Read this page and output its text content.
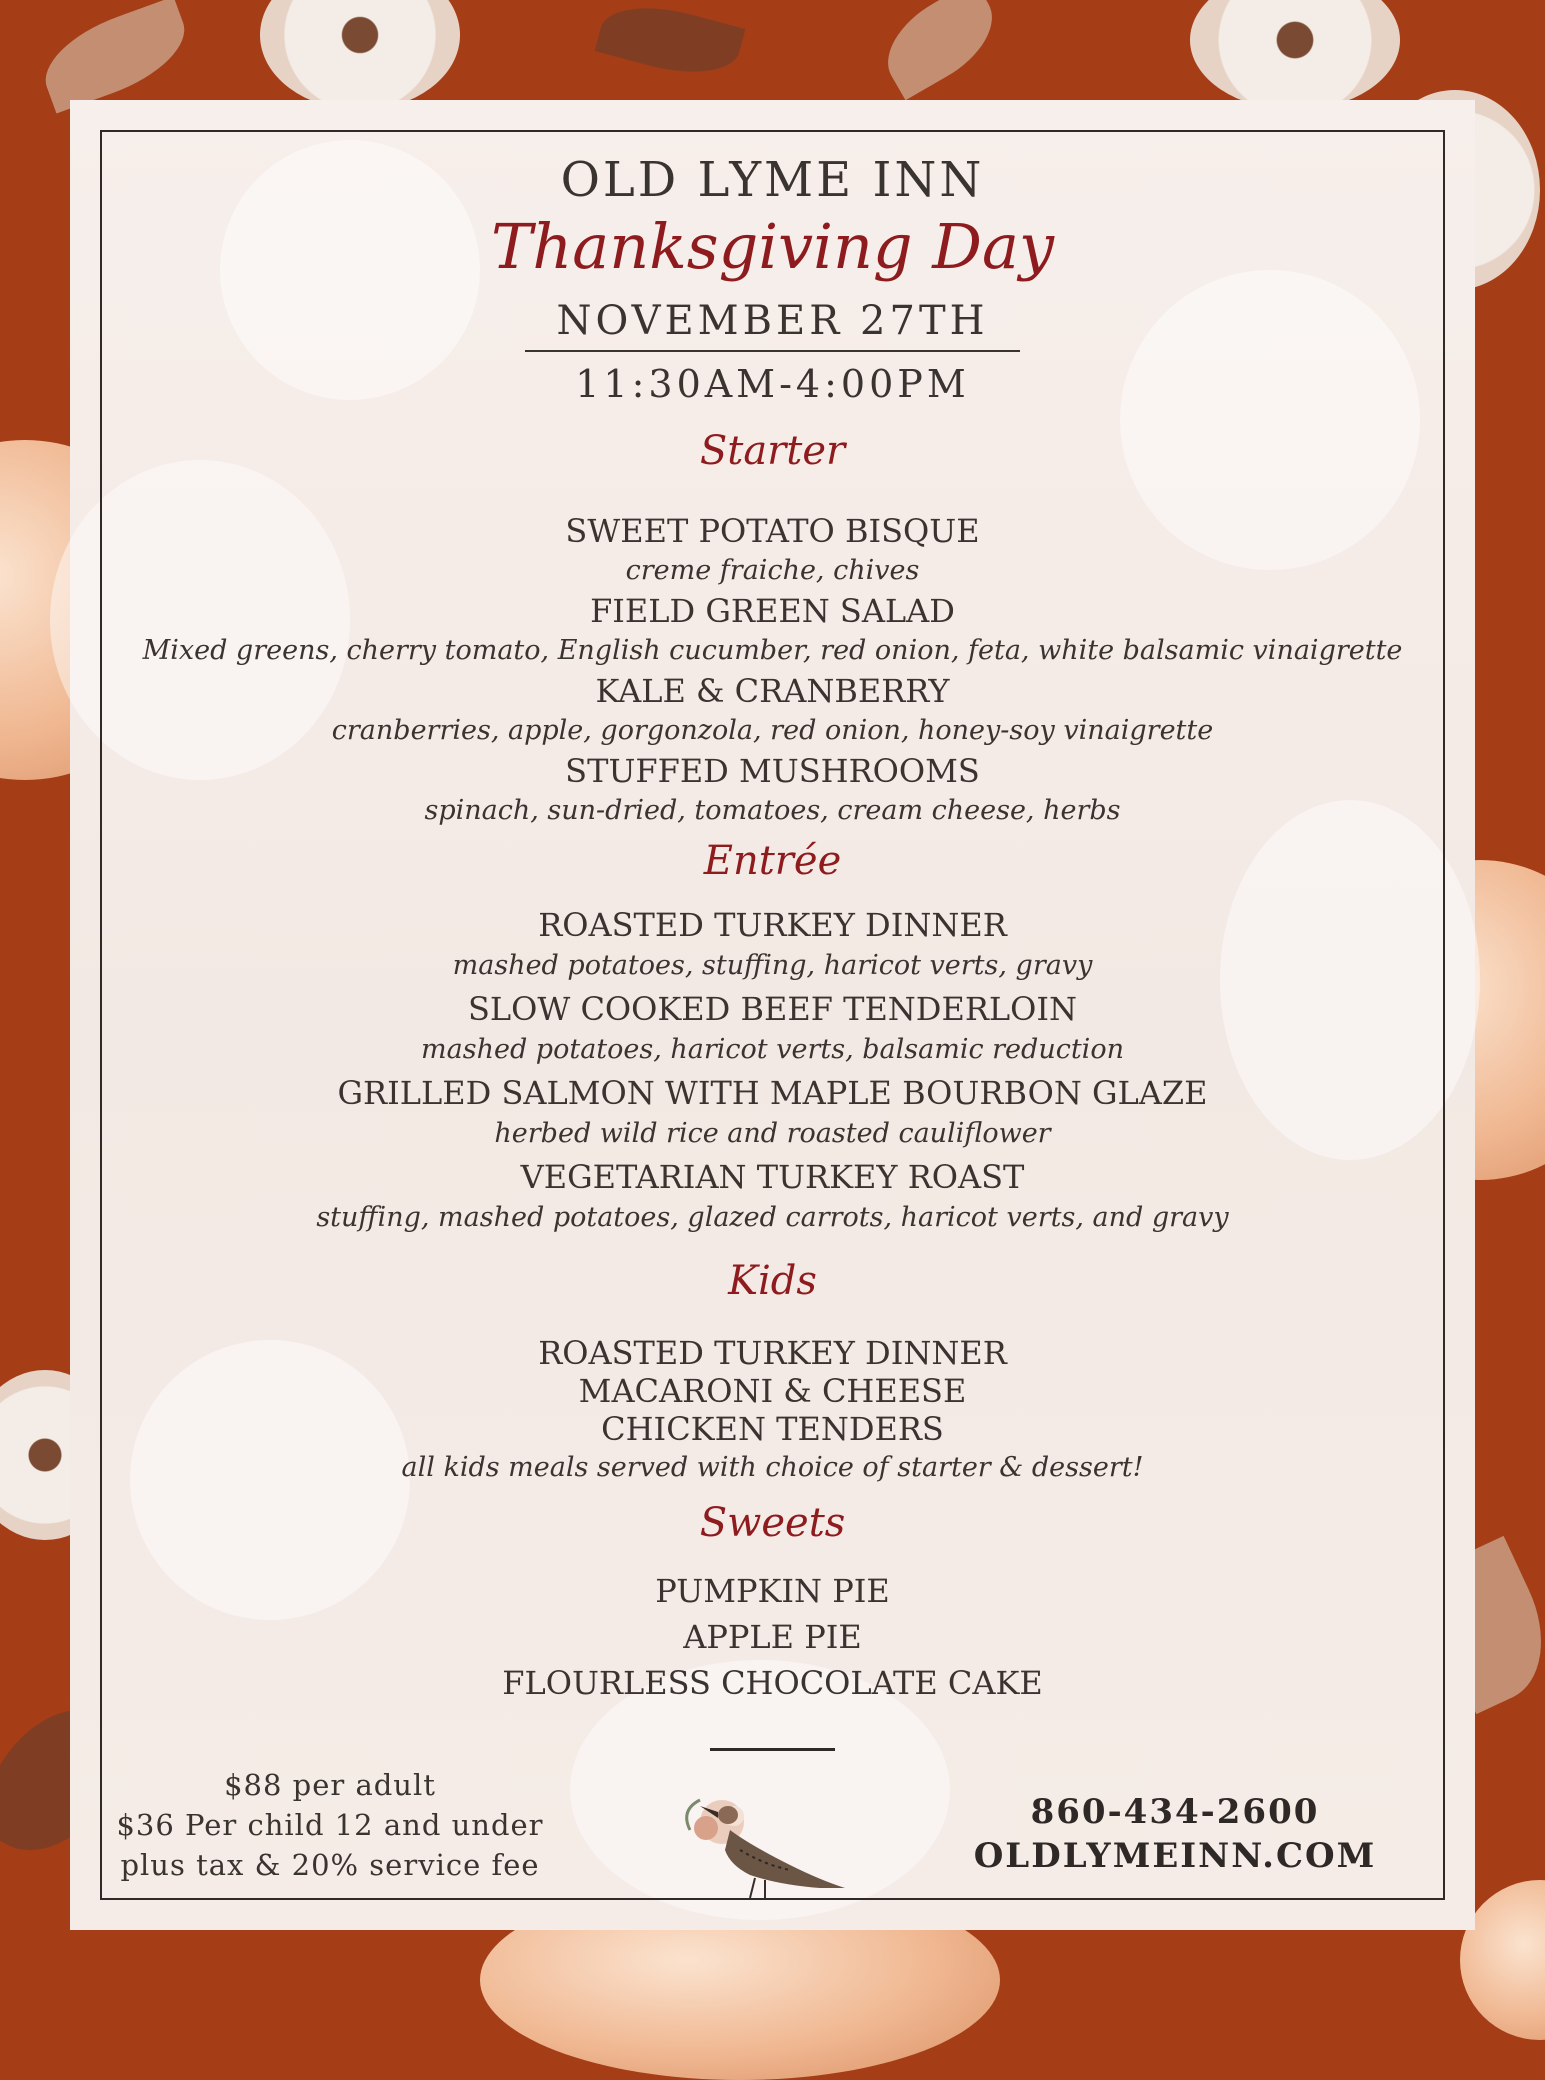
OLD LYME INN
Thanksgiving Day
NOVEMBER 27TH
11:30AM-4:00PM
Starter
SWEET POTATO BISQUE
creme fraiche, chives
FIELD GREEN SALAD
Mixed greens, cherry tomato, English cucumber, red onion, feta, white balsamic vinaigrette
KALE & CRANBERRY
cranberries, apple, gorgonzola, red onion, honey-soy vinaigrette
STUFFED MUSHROOMS
spinach, sun-dried, tomatoes, cream cheese, herbs
Entrée
ROASTED TURKEY DINNER
mashed potatoes, stuffing, haricot verts, gravy
SLOW COOKED BEEF TENDERLOIN
mashed potatoes, haricot verts, balsamic reduction
GRILLED SALMON WITH MAPLE BOURBON GLAZE
herbed wild rice and roasted cauliflower
VEGETARIAN TURKEY ROAST
stuffing, mashed potatoes, glazed carrots, haricot verts, and gravy
Kids
ROASTED TURKEY DINNER
MACARONI & CHEESE
CHICKEN TENDERS
all kids meals served with choice of starter & dessert!
Sweets
PUMPKIN PIE
APPLE PIE
FLOURLESS CHOCOLATE CAKE
$88 per adult
$36 Per child 12 and under
plus tax & 20% service fee
860-434-2600
OLDLYMEINN.COM
